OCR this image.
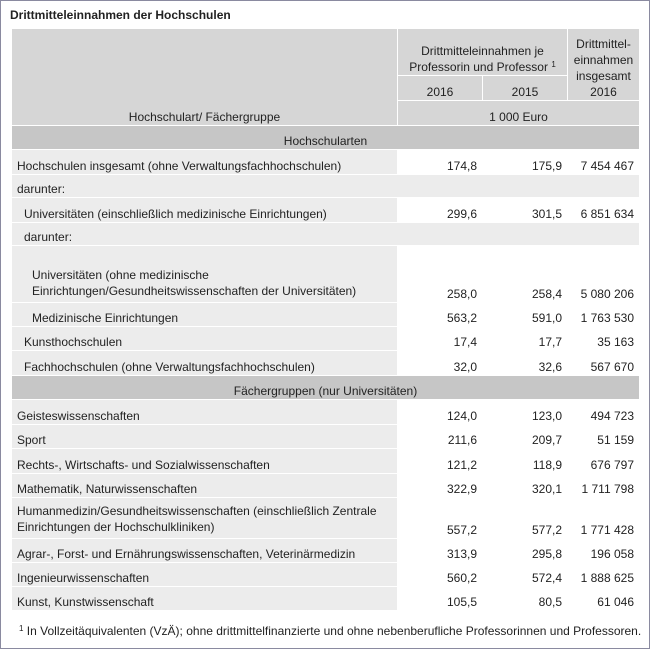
Drittmitteleinnahmen der Hochschulen
Hochschulart/ Fächergruppe	Drittmitteleinnahmen je Professorin und Professor $^1$		Drittmittel-einnahmen insgesamt 2016
	2016	2015	
	1 000 Euro		
Hochschularten			
Hochschulen insgesamt (ohne Verwaltungsfachhochschulen)	174,8	175,9	7 454 467
darunter:			
Universitäten (einschließlich medizinische Einrichtungen)	299,6	301,5	6 851 634
darunter:			
Universitäten (ohne medizinische Einrichtungen/Gesundheitswissenschaften der Universitäten)	258,0	258,4	5 080 206
Medizinische Einrichtungen	563,2	591,0	1 763 530
Kunsthochschulen	17,4	17,7	35 163
Fachhochschulen (ohne Verwaltungsfachhochschulen)	32,0	32,6	567 670
Fächergruppen (nur Universitäten)			
Geisteswissenschaften	124,0	123,0	494 723
Sport	211,6	209,7	51 159
Rechts-, Wirtschafts- und Sozialwissenschaften	121,2	118,9	676 797
Mathematik, Naturwissenschaften	322,9	320,1	1 711 798
Humanmedizin/Gesundheitswissenschaften (einschließlich Zentrale Einrichtungen der Hochschulkliniken)	557,2	577,2	1 771 428
Agrar-, Forst- und Ernährungswissenschaften, Veterinärmedizin	313,9	295,8	196 058
Ingenieurwissenschaften	560,2	572,4	1 888 625
Kunst, Kunstwissenschaft	105,5	80,5	61 046
$^1$ In Vollzeitäquivalenten (VzÄ); ohne drittmittelfinanzierte und ohne nebenberufliche Professorinnen und Professoren.
